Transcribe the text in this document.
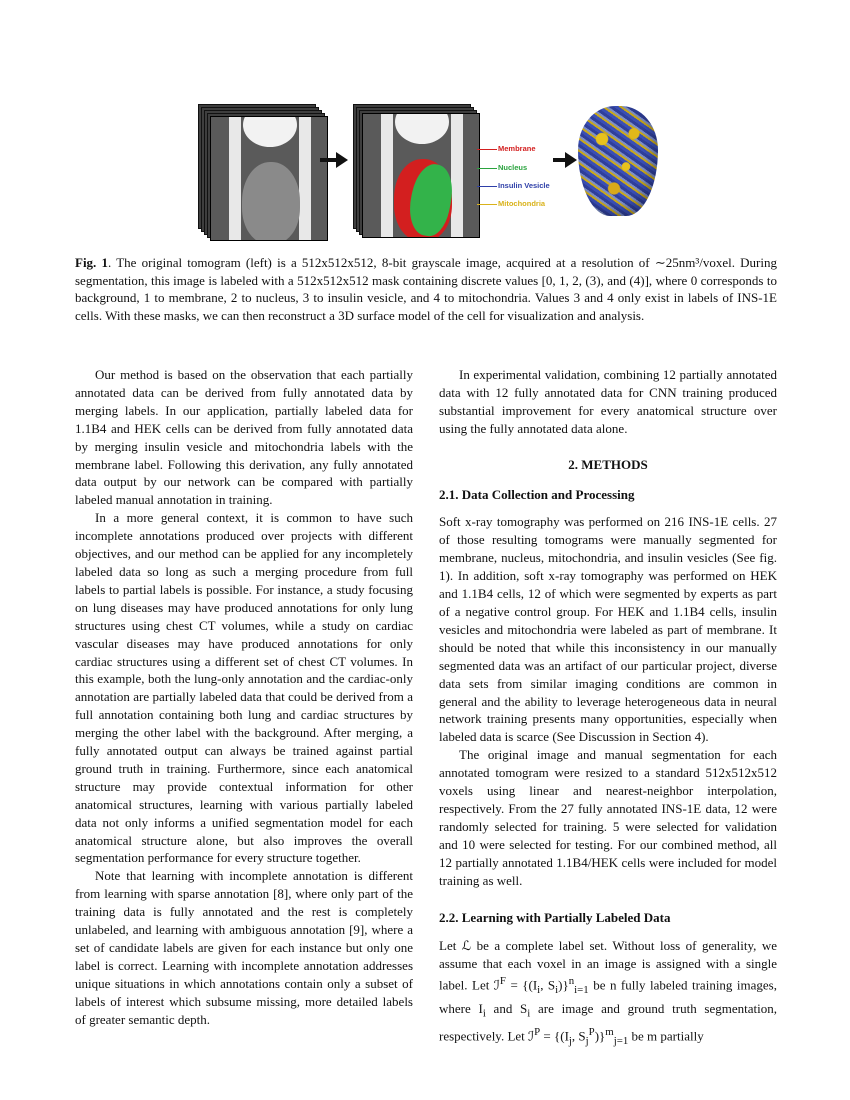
Membrane
Nucleus
Insulin Vesicle
Mitochondria
Fig. 1. The original tomogram (left) is a 512x512x512, 8-bit grayscale image, acquired at a resolution of ∼25nm³/voxel. During segmentation, this image is labeled with a 512x512x512 mask containing discrete values [0, 1, 2, (3), and (4)], where 0 corresponds to background, 1 to membrane, 2 to nucleus, 3 to insulin vesicle, and 4 to mitochondria. Values 3 and 4 only exist in labels of INS-1E cells. With these masks, we can then reconstruct a 3D surface model of the cell for visualization and analysis.

Our method is based on the observation that each partially annotated data can be derived from fully annotated data by merging labels. In our application, partially labeled data for 1.1B4 and HEK cells can be derived from fully annotated data by merging insulin vesicle and mitochondria labels with the membrane label. Following this derivation, any fully annotated data output by our network can be compared with partially labeled manual annotation in training.

In a more general context, it is common to have such incomplete annotations produced over projects with different objectives, and our method can be applied for any incompletely labeled data so long as such a merging procedure from full labels to partial labels is possible. For instance, a study focusing on lung diseases may have produced annotations for only lung structures using chest CT volumes, while a study on cardiac vascular diseases may have produced annotations for only cardiac structures using a different set of chest CT volumes. In this example, both the lung-only annotation and the cardiac-only annotation are partially labeled data that could be derived from a full annotation containing both lung and cardiac structures by merging the other label with the background. After merging, a fully annotated output can always be trained against partial ground truth in training. Furthermore, since each anatomical structure may provide contextual information for other anatomical structures, learning with various partially labeled data not only informs a unified segmentation model for each anatomical structure alone, but also improves the overall segmentation performance for every structure together.

Note that learning with incomplete annotation is different from learning with sparse annotation [8], where only part of the training data is fully annotated and the rest is completely unlabeled, and learning with ambiguous annotation [9], where a set of candidate labels are given for each instance but only one label is correct. Learning with incomplete annotation addresses unique situations in which annotations contain only a subset of labels of interest which subsume missing, more detailed labels of greater semantic depth.

In experimental validation, combining 12 partially annotated data with 12 fully annotated data for CNN training produced substantial improvement for every anatomical structure over using the fully annotated data alone.

2. METHODS
2.1. Data Collection and Processing

Soft x-ray tomography was performed on 216 INS-1E cells. 27 of those resulting tomograms were manually segmented for membrane, nucleus, mitochondria, and insulin vesicles (See fig. 1). In addition, soft x-ray tomography was performed on HEK and 1.1B4 cells, 12 of which were segmented by experts as part of a negative control group. For HEK and 1.1B4 cells, insulin vesicles and mitochondria were labeled as part of membrane. It should be noted that while this inconsistency in our manually segmented data was an artifact of our particular project, diverse data sets from similar imaging conditions are common in general and the ability to leverage heterogeneous data in neural network training presents many opportunities, especially when labeled data is scarce (See Discussion in Section 4).

The original image and manual segmentation for each annotated tomogram were resized to a standard 512x512x512 voxels using linear and nearest-neighbor interpolation, respectively. From the 27 fully annotated INS-1E data, 12 were randomly selected for training. 5 were selected for validation and 10 were selected for testing. For our combined method, all 12 partially annotated 1.1B4/HEK cells were included for model training as well.

2.2. Learning with Partially Labeled Data

Let ℒ be a complete label set. Without loss of generality, we assume that each voxel in an image is assigned with a single label. Let ℐ$^F$ = {($I_i$, $S_i)\}^n_{i=1}$ be n fully labeled training images, where $I_i$ and $S_i$ are image and ground truth segmentation, respectively. Let ℐ$^P$ = {($I_j$, $S_j^P)\}^m_{j=1}$ be m partially
